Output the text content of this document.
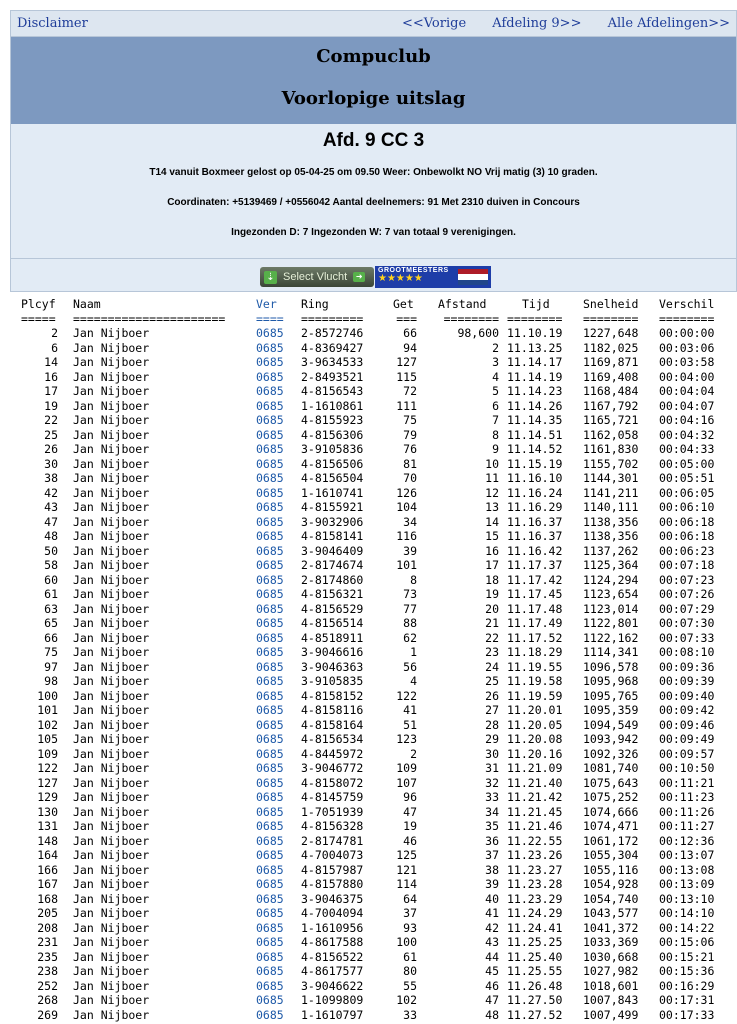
Disclaimer	<<Vorige Afdeling 9>> Alle Afdelingen>>
Compuclub
Voorlopige uitslag
Afd. 9 CC 3
T14 vanuit Boxmeer gelost op 05-04-25 om 09.50 Weer: Onbewolkt NO Vrij matig (3) 10 graden.
Coordinaten: +5139469 / +0556042 Aantal deelnemers: 91 Met 2310 duiven in Concours
Ingezonden D: 7 Ingezonden W: 7 van totaal 9 verenigingen.
⇣ Select Vlucht	➜
GROOTMEESTERS
★★★★★
Plcyf	Naam	Ver Ring	Get	Afstand	Tijd	Snelheid Verschil
=====	======================	==== =========	===	======== ======== ======== ========
2 Jan Nijboer	0685 2-8572746	66	98,600 11.10.19 1227,648 00:00:00
6 Jan Nijboer	0685 4-8369427	94	2 11.13.25 1182,025 00:03:06
14 Jan Nijboer	0685 3-9634533	127	3 11.14.17 1169,871 00:03:58
16 Jan Nijboer	0685 2-8493521	115	4 11.14.19 1169,408 00:04:00
17 Jan Nijboer	0685 4-8156543	72	5 11.14.23 1168,484 00:04:04
19 Jan Nijboer	0685 1-1610861	111	6 11.14.26 1167,792 00:04:07
22 Jan Nijboer	0685 4-8155923	75	7 11.14.35 1165,721 00:04:16
25 Jan Nijboer	0685 4-8156306	79	8 11.14.51 1162,058 00:04:32
26 Jan Nijboer	0685 3-9105836	76	9 11.14.52 1161,830 00:04:33
30 Jan Nijboer	0685 4-8156506	81	10 11.15.19 1155,702 00:05:00
38 Jan Nijboer	0685 4-8156504	70	11 11.16.10 1144,301 00:05:51
42 Jan Nijboer	0685 1-1610741	126	12 11.16.24 1141,211 00:06:05
43 Jan Nijboer	0685 4-8155921	104	13 11.16.29 1140,111 00:06:10
47 Jan Nijboer	0685 3-9032906	34	14 11.16.37 1138,356 00:06:18
48 Jan Nijboer	0685 4-8158141	116	15 11.16.37 1138,356 00:06:18
50 Jan Nijboer	0685 3-9046409	39	16 11.16.42 1137,262 00:06:23
58 Jan Nijboer	0685 2-8174674	101	17 11.17.37 1125,364 00:07:18
60 Jan Nijboer	0685 2-8174860	8	18 11.17.42 1124,294 00:07:23
61 Jan Nijboer	0685 4-8156321	73	19 11.17.45 1123,654 00:07:26
63 Jan Nijboer	0685 4-8156529	77	20 11.17.48 1123,014 00:07:29
65 Jan Nijboer	0685 4-8156514	88	21 11.17.49 1122,801 00:07:30
66 Jan Nijboer	0685 4-8518911	62	22 11.17.52 1122,162 00:07:33
75 Jan Nijboer	0685 3-9046616	1	23 11.18.29 1114,341 00:08:10
97 Jan Nijboer	0685 3-9046363	56	24 11.19.55 1096,578 00:09:36
98 Jan Nijboer	0685 3-9105835	4	25 11.19.58 1095,968 00:09:39
100 Jan Nijboer	0685 4-8158152	122	26 11.19.59 1095,765 00:09:40
101 Jan Nijboer	0685 4-8158116	41	27 11.20.01 1095,359 00:09:42
102 Jan Nijboer	0685 4-8158164	51	28 11.20.05 1094,549 00:09:46
105 Jan Nijboer	0685 4-8156534	123	29 11.20.08 1093,942 00:09:49
109 Jan Nijboer	0685 4-8445972	2	30 11.20.16 1092,326 00:09:57
122 Jan Nijboer	0685 3-9046772	109	31 11.21.09 1081,740 00:10:50
127 Jan Nijboer	0685 4-8158072	107	32 11.21.40 1075,643 00:11:21
129 Jan Nijboer	0685 4-8145759	96	33 11.21.42 1075,252 00:11:23
130 Jan Nijboer	0685 1-7051939	47	34 11.21.45 1074,666 00:11:26
131 Jan Nijboer	0685 4-8156328	19	35 11.21.46 1074,471 00:11:27
148 Jan Nijboer	0685 2-8174781	46	36 11.22.55 1061,172 00:12:36
164 Jan Nijboer	0685 4-7004073	125	37 11.23.26 1055,304 00:13:07
166 Jan Nijboer	0685 4-8157987	121	38 11.23.27 1055,116 00:13:08
167 Jan Nijboer	0685 4-8157880	114	39 11.23.28 1054,928 00:13:09
168 Jan Nijboer	0685 3-9046375	64	40 11.23.29 1054,740 00:13:10
205 Jan Nijboer	0685 4-7004094	37	41 11.24.29 1043,577 00:14:10
208 Jan Nijboer	0685 1-1610956	93	42 11.24.41 1041,372 00:14:22
231 Jan Nijboer	0685 4-8617588	100	43 11.25.25 1033,369 00:15:06
235 Jan Nijboer	0685 4-8156522	61	44 11.25.40 1030,668 00:15:21
238 Jan Nijboer	0685 4-8617577	80	45 11.25.55 1027,982 00:15:36
252 Jan Nijboer	0685 3-9046622	55	46 11.26.48 1018,601 00:16:29
268 Jan Nijboer	0685 1-1099809	102	47 11.27.50 1007,843 00:17:31
269 Jan Nijboer	0685 1-1610797	33	48 11.27.52 1007,499 00:17:33
